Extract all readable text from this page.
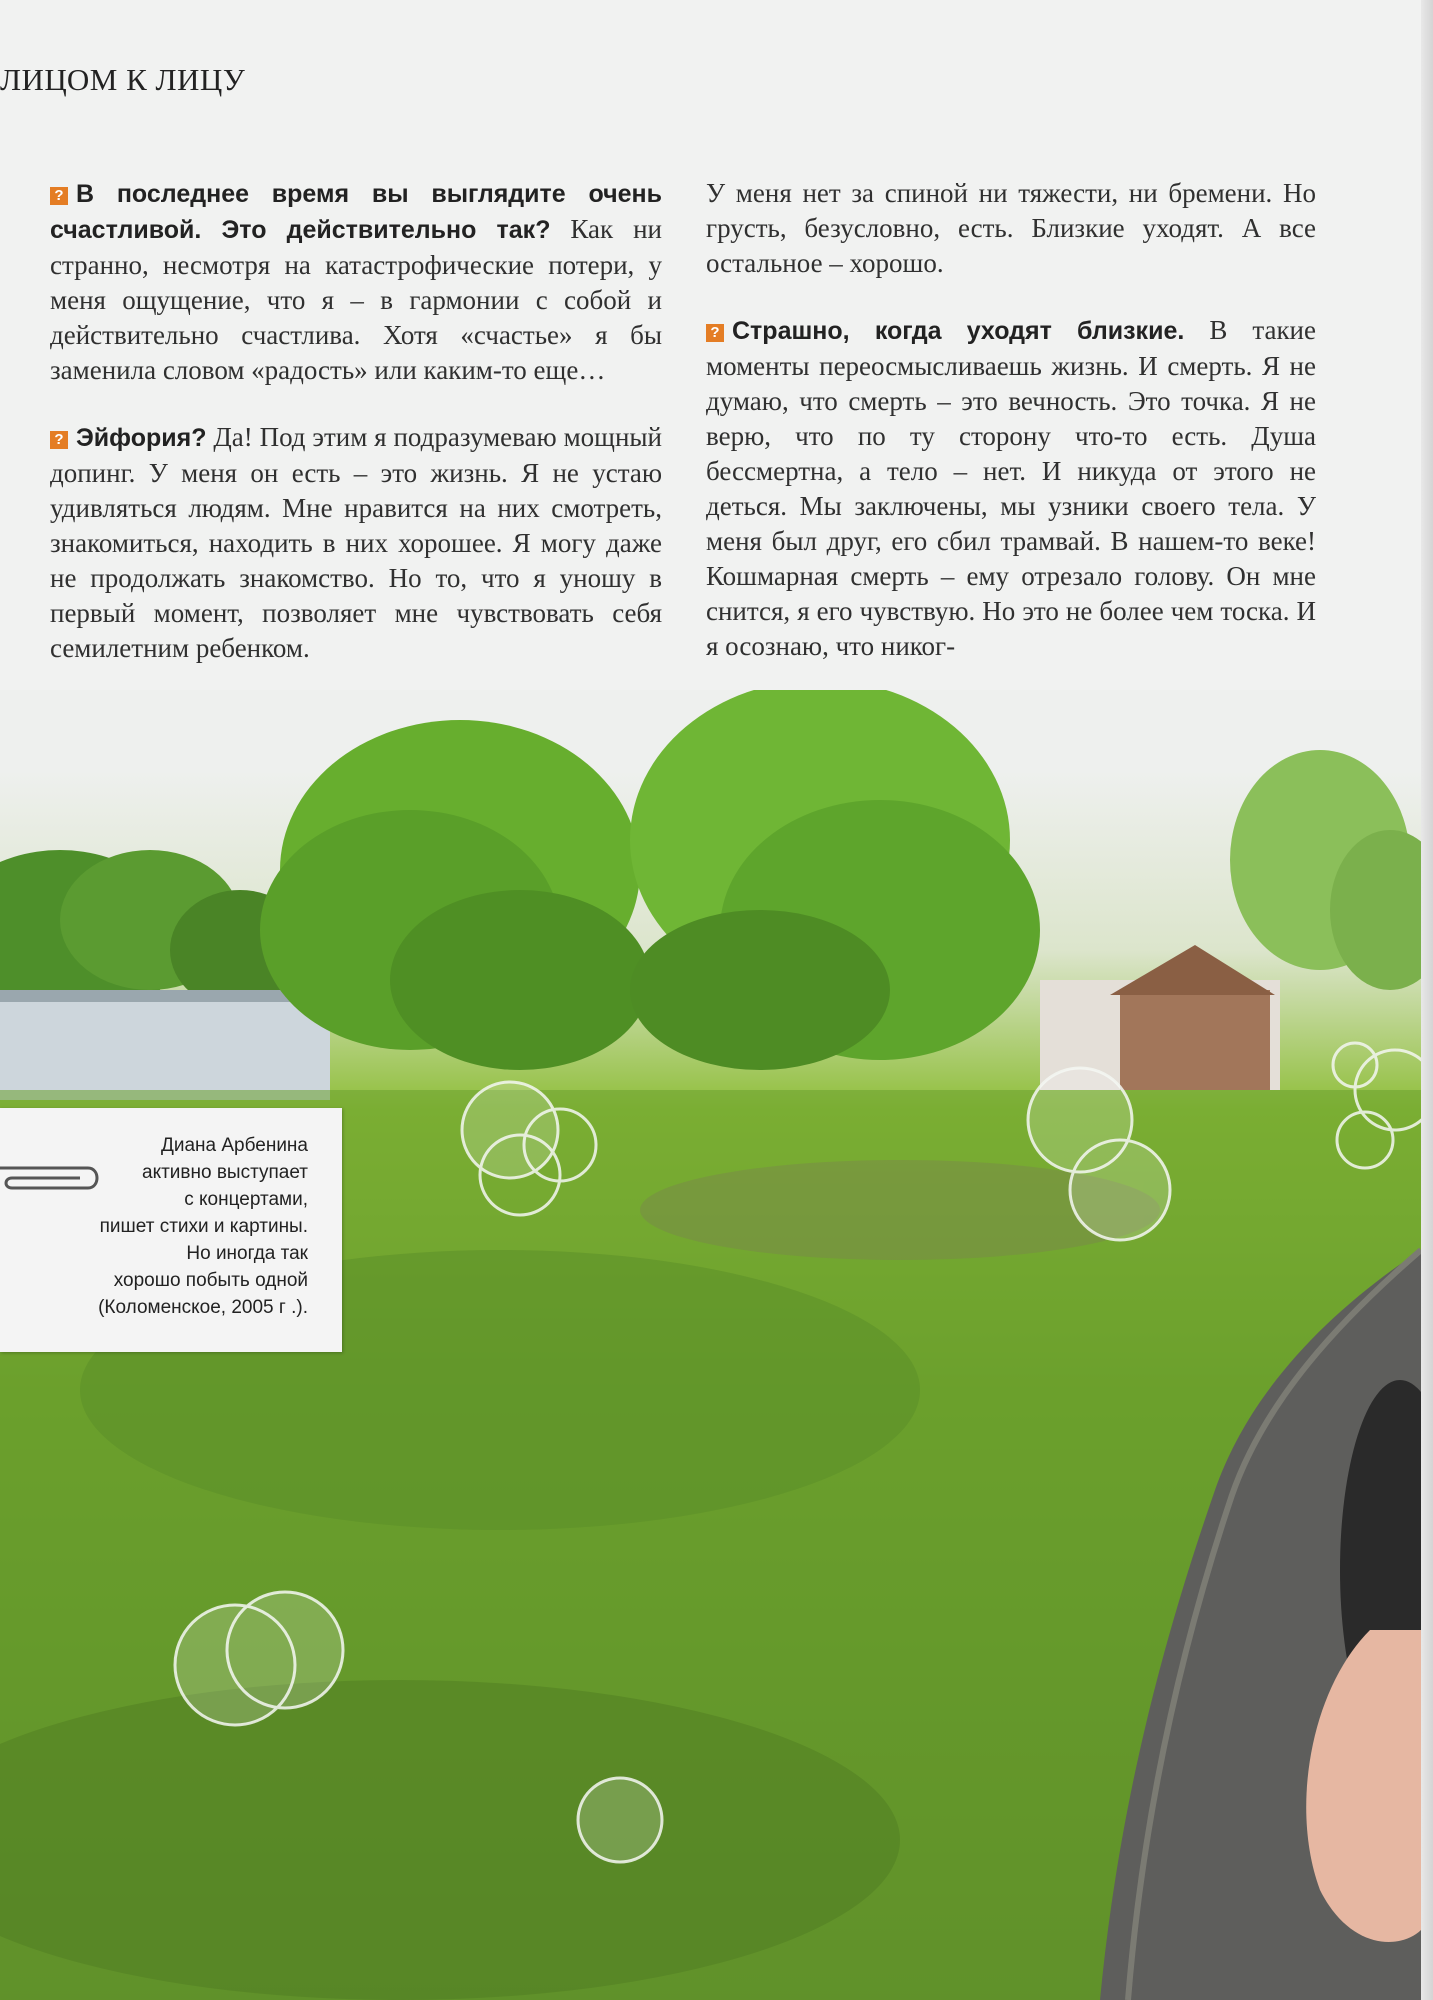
ЛИЦОМ К ЛИЦУ

? В последнее время вы выглядите очень счастливой. Это действительно так? Как ни странно, несмотря на катастрофические потери, у меня ощущение, что я – в гармонии с собой и действительно счастлива. Хотя «счастье» я бы заменила словом «радость» или каким-то еще…

? Эйфория? Да! Под этим я подразумеваю мощный допинг. У меня он есть – это жизнь. Я не устаю удивляться людям. Мне нравится на них смотреть, знакомиться, находить в них хорошее. Я могу даже не продолжать знакомство. Но то, что я уношу в первый момент, позволяет мне чувствовать себя семилетним ребенком.

У меня нет за спиной ни тяжести, ни бремени. Но грусть, безусловно, есть. Близкие уходят. А все остальное – хорошо.

? Страшно, когда уходят близкие. В такие моменты переосмысливаешь жизнь. И смерть. Я не думаю, что смерть – это вечность. Это точка. Я не верю, что по ту сторону что-то есть. Душа бессмертна, а тело – нет. И никуда от этого не деться. Мы заключены, мы узники своего тела. У меня был друг, его сбил трамвай. В нашем-то веке! Кошмарная смерть – ему отрезало голову. Он мне снится, я его чувствую. Но это не более чем тоска. И я осознаю, что никог-

Диана Арбенина
активно выступает
с концертами,
пишет стихи и картины.
Но иногда так
хорошо побыть одной
(Коломенское, 2005 г .).
